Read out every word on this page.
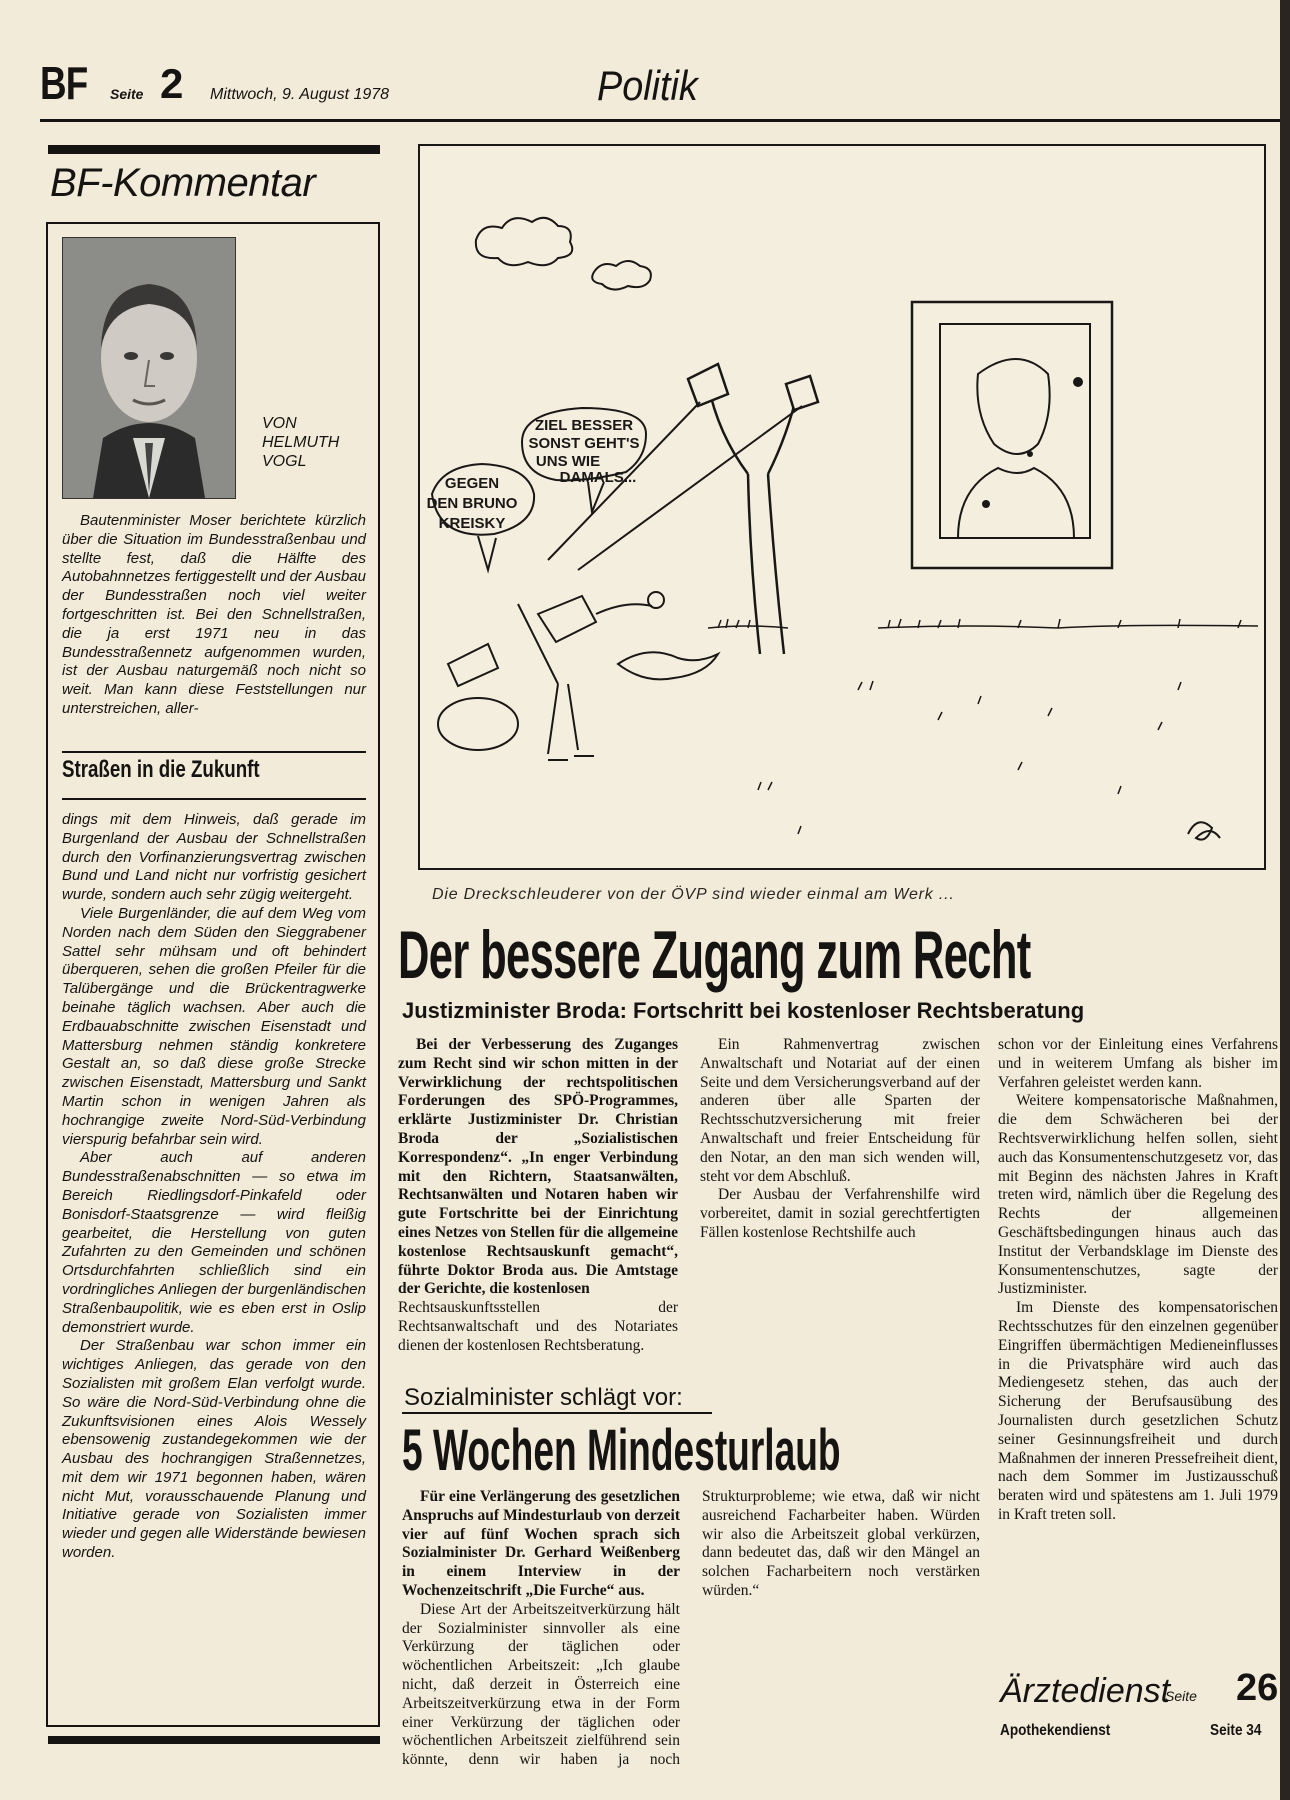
BF Seite 2 Mittwoch, 9. August 1978	Politik
BF-Kommentar
VON
HELMUTH
VOGL

Bautenminister Moser berichtete kürzlich über die Situation im Bundesstraßenbau und stellte fest, daß die Hälfte des Autobahnnetzes fertiggestellt und der Ausbau der Bundesstraßen noch viel weiter fortgeschritten ist. Bei den Schnellstraßen, die ja erst 1971 neu in das Bundesstraßennetz aufgenommen wurden, ist der Ausbau naturgemäß noch nicht so weit. Man kann diese Feststellungen nur unterstreichen, aller-

Straßen in die Zukunft

dings mit dem Hinweis, daß gerade im Burgenland der Ausbau der Schnellstraßen durch den Vorfinanzierungsvertrag zwischen Bund und Land nicht nur vorfristig gesichert wurde, sondern auch sehr zügig weitergeht.

Viele Burgenländer, die auf dem Weg vom Norden nach dem Süden den Sieggrabener Sattel sehr mühsam und oft behindert überqueren, sehen die großen Pfeiler für die Talübergänge und die Brückentragwerke beinahe täglich wachsen. Aber auch die Erdbauabschnitte zwischen Eisenstadt und Mattersburg nehmen ständig konkretere Gestalt an, so daß diese große Strecke zwischen Eisenstadt, Mattersburg und Sankt Martin schon in wenigen Jahren als hochrangige zweite Nord-Süd-Verbindung vierspurig befahrbar sein wird.

Aber auch auf anderen Bundesstraßenabschnitten — so etwa im Bereich Riedlingsdorf-Pinkafeld oder Bonisdorf-Staatsgrenze — wird fleißig gearbeitet, die Herstellung von guten Zufahrten zu den Gemeinden und schönen Ortsdurchfahrten schließlich sind ein vordringliches Anliegen der burgenländischen Straßenbaupolitik, wie es eben erst in Oslip demonstriert wurde.

Der Straßenbau war schon immer ein wichtiges Anliegen, das gerade von den Sozialisten mit großem Elan verfolgt wurde. So wäre die Nord-Süd-Verbindung ohne die Zukunftsvisionen eines Alois Wessely ebensowenig zustandegekommen wie der Ausbau des hochrangigen Straßennetzes, mit dem wir 1971 begonnen haben, wären nicht Mut, vorausschauende Planung und Initiative gerade von Sozialisten immer wieder und gegen alle Widerstände bewiesen worden.

GEGEN
DEN BRUNO
KREISKY
ZIEL BESSER
SONST GEHT'S
UNS WIE
DAMALS...
Die Dreckschleuderer von der ÖVP sind wieder einmal am Werk ...
Der bessere Zugang zum Recht
Justizminister Broda: Fortschritt bei kostenloser Rechtsberatung

Bei der Verbesserung des Zuganges zum Recht sind wir schon mitten in der Verwirklichung der rechtspolitischen Forderungen des SPÖ-Programmes, erklärte Justizminister Dr. Christian Broda der „Sozialistischen Korrespondenz“. „In enger Verbindung mit den Richtern, Staatsanwälten, Rechtsanwälten und Notaren haben wir gute Fortschritte bei der Einrichtung eines Netzes von Stellen für die allgemeine kostenlose Rechtsauskunft gemacht“, führte Doktor Broda aus. Die Amtstage der Gerichte, die kostenlosen

Rechtsauskunftsstellen der Rechtsanwaltschaft und des Notariates dienen der kostenlosen Rechtsberatung.

Ein Rahmenvertrag zwischen Anwaltschaft und Notariat auf der einen Seite und dem Versicherungsverband auf der anderen über alle Sparten der Rechtsschutzversicherung mit freier Anwaltschaft und freier Entscheidung für den Notar, an den man sich wenden will, steht vor dem Abschluß.

Der Ausbau der Verfahrenshilfe wird vorbereitet, damit in sozial gerechtfertigten Fällen kostenlose Rechtshilfe auch

schon vor der Einleitung eines Verfahrens und in weiterem Umfang als bisher im Verfahren geleistet werden kann.

Weitere kompensatorische Maßnahmen, die dem Schwächeren bei der Rechtsverwirklichung helfen sollen, sieht auch das Konsumentenschutzgesetz vor, das mit Beginn des nächsten Jahres in Kraft treten wird, nämlich über die Regelung des Rechts der allgemeinen Geschäftsbedingungen hinaus auch das Institut der Verbandsklage im Dienste des Konsumentenschutzes, sagte der Justizminister.

Im Dienste des kompensatorischen Rechtsschutzes für den einzelnen gegenüber Eingriffen übermächtigen Medieneinflusses in die Privatsphäre wird auch das Mediengesetz stehen, das auch der Sicherung der Berufsausübung des Journalisten durch gesetzlichen Schutz seiner Gesinnungsfreiheit und durch Maßnahmen der inneren Pressefreiheit dient, nach dem Sommer im Justizausschuß beraten wird und spätestens am 1. Juli 1979 in Kraft treten soll.

Sozialminister schlägt vor:
5 Wochen Mindesturlaub

Für eine Verlängerung des gesetzlichen Anspruchs auf Mindesturlaub von derzeit vier auf fünf Wochen sprach sich Sozialminister Dr. Gerhard Weißenberg in einem Interview in der Wochenzeitschrift „Die Furche“ aus.

Diese Art der Arbeitszeitverkürzung hält der Sozialminister sinnvoller als eine Verkürzung der täglichen oder wöchentlichen Arbeitszeit: „Ich glaube nicht, daß derzeit in Österreich eine Arbeitszeitverkürzung etwa in der Form einer Verkürzung der täglichen oder wöchentlichen Arbeitszeit zielführend sein könnte, denn wir haben ja noch Strukturprobleme; wie etwa, daß wir nicht ausreichend Facharbeiter haben. Würden wir also die Arbeitszeit global verkürzen, dann bedeutet das, daß wir den Mängel an solchen Facharbeitern noch verstärken würden.“

Ärztedienst
Seite 26
Apothekendienst	Seite 34
